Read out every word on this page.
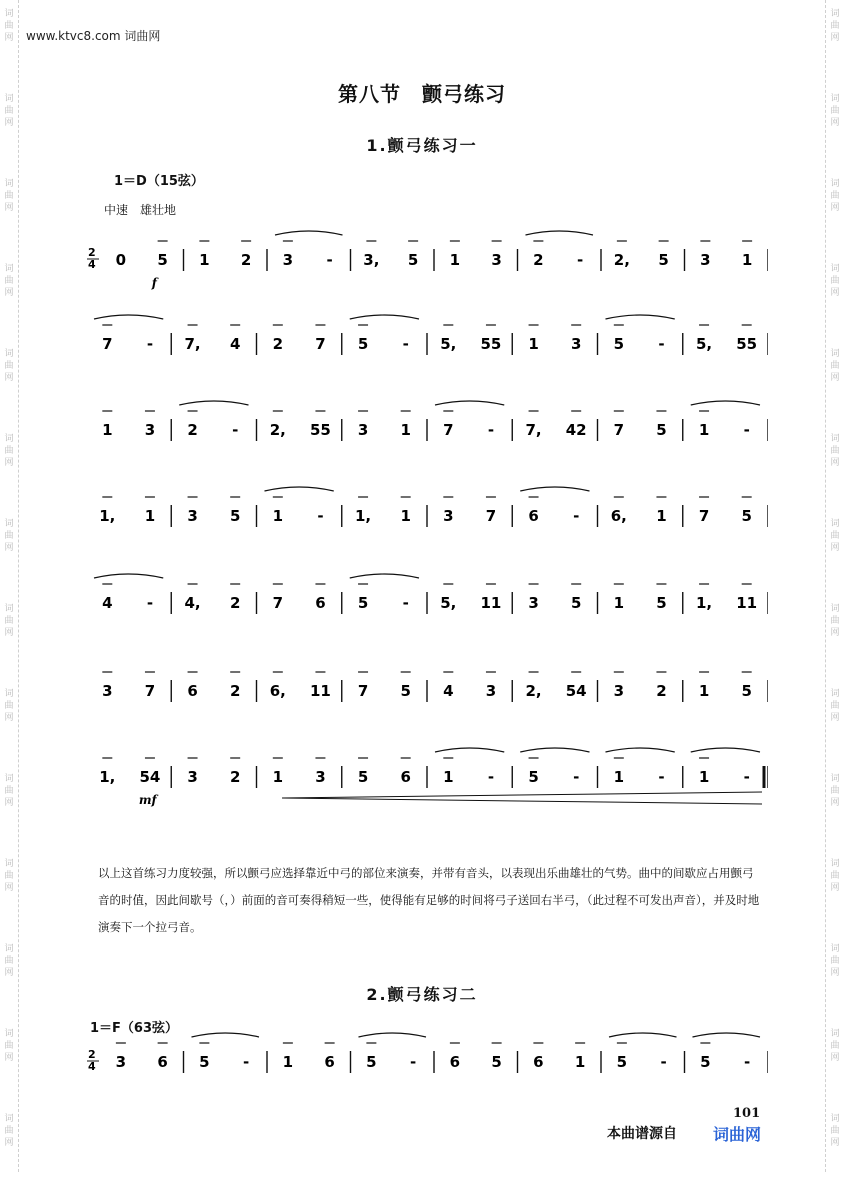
词
曲
网
词
曲
网
词
曲
网
词
曲
网
词
曲
网
词
曲
网
词
曲
网
词
曲
网
词
曲
网
词
曲
网
词
曲
网
词
曲
网
词
曲
网
词
曲
网
词
曲
网
词
曲
网
词
曲
网
词
曲
网
词
曲
网
词
曲
网
词
曲
网
词
曲
网
词
曲
网
词
曲
网
词
曲
网
词
曲
网
词
曲
网
词
曲
网
www.ktvc8.com 词曲网
第八节　颤弓练习
1.颤弓练习一
1＝D（15弦）
中速　雄壮地
2
4 0 5 1 2 3 - 3, 5 1 3 2 - 2, 5 3 1
f
7 - 7, 4 2 7 5 - 5, 55 1 3 5 - 5, 55
1 3 2 - 2, 55 3 1 7 - 7, 42 7 5 1 -
1, 1 3 5 1 - 1, 1 3 7 6 - 6, 1 7 5
4 - 4, 2 7 6 5 - 5, 11 3 5 1 5 1, 11
3 7 6 2 6, 11 7 5 4 3 2, 54 3 2 1 5
1, 54 3 2 1 3 5 6 1 - 5 - 1 - 1 -
mf
以上这首练习力度较强，所以颤弓应选择靠近中弓的部位来演奏，并带有音头，以表现出乐曲雄壮的气势。曲中的间歇应占用颤弓音的时值，因此间歇号（，）前面的音可奏得稍短一些，使得能有足够的时间将弓子送回右半弓，（此过程不可发出声音），并及时地演奏下一个拉弓音。
2.颤弓练习二
1＝F（63弦）
2
4 3 6 5 - 1 6 5 - 6 5 6 1 5 - 5 -
101
本曲谱源自 词曲网
